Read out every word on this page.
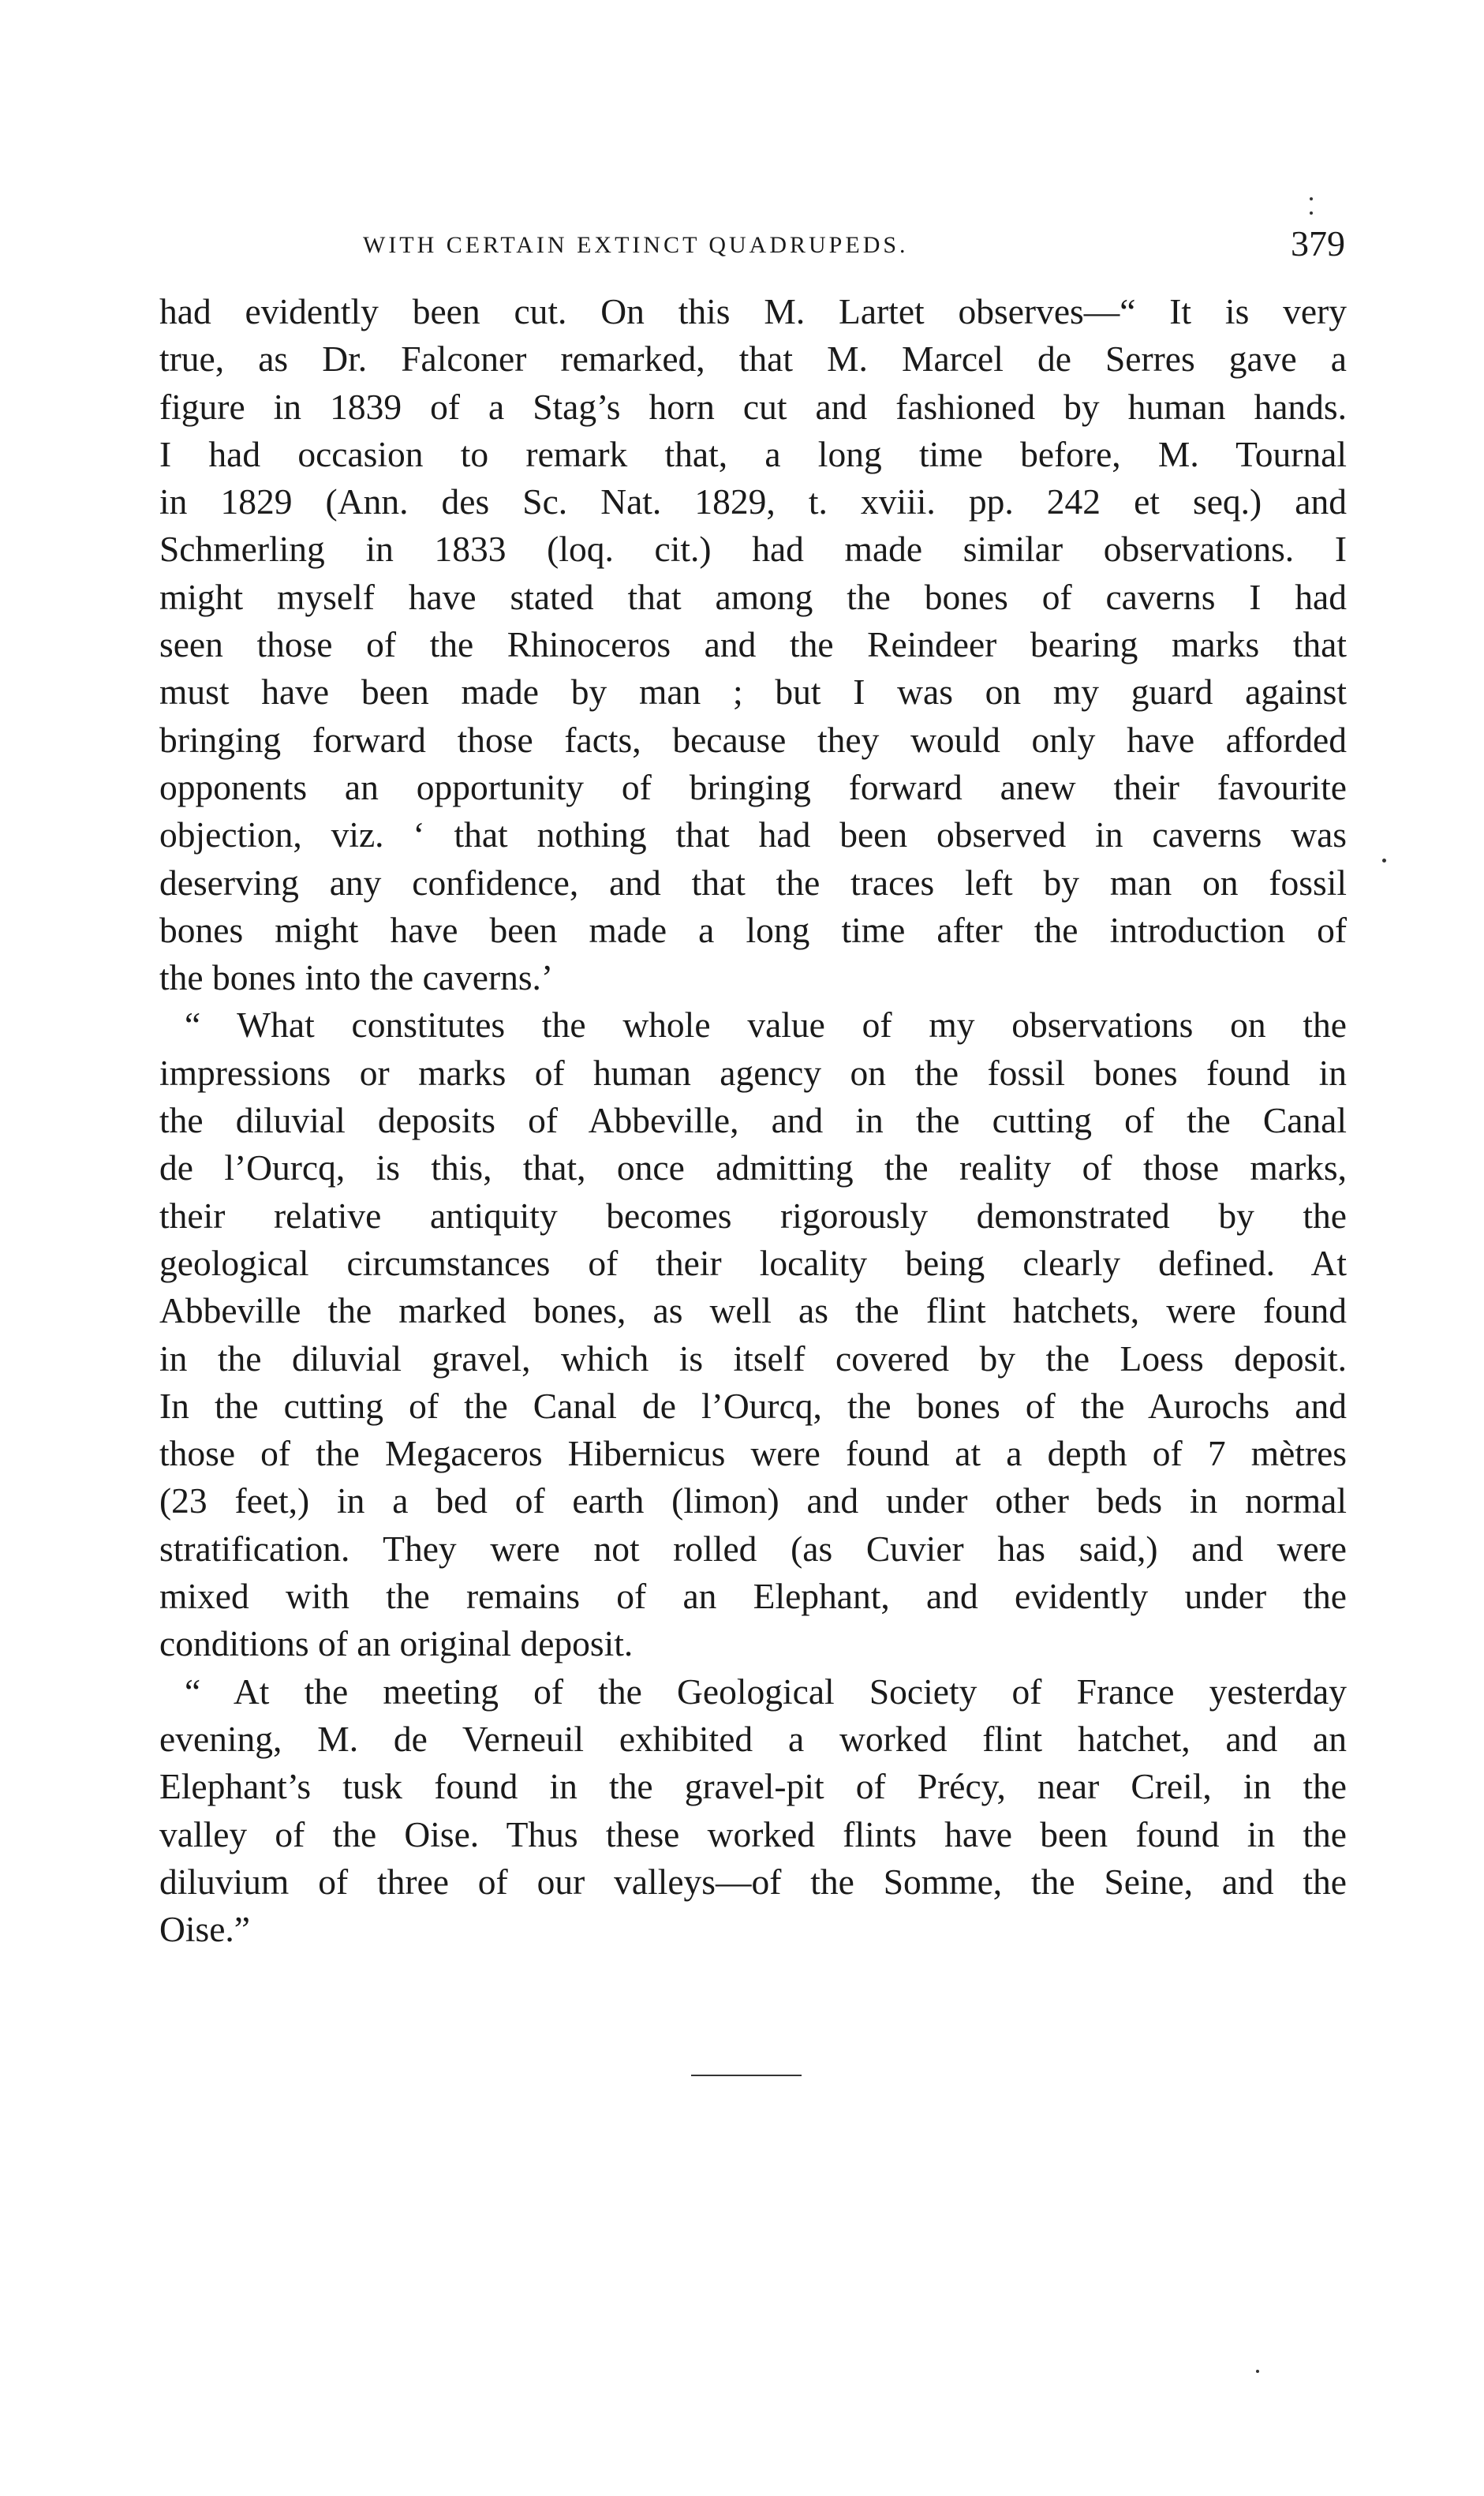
WITH CERTAIN EXTINCT QUADRUPEDS.	379
had evidently been cut. On this M. Lartet observes—“ It is very
true, as Dr. Falconer remarked, that M. Marcel de Serres gave a
figure in 1839 of a Stag’s horn cut and fashioned by human hands.
I had occasion to remark that, a long time before, M. Tournal
in 1829 (Ann. des Sc. Nat. 1829, t. xviii. pp. 242 et seq.) and
Schmerling in 1833 (loq. cit.) had made similar observations. I
might myself have stated that among the bones of caverns I had
seen those of the Rhinoceros and the Reindeer bearing marks that
must have been made by man ; but I was on my guard against
bringing forward those facts, because they would only have afforded
opponents an opportunity of bringing forward anew their favourite
objection, viz. ‘ that nothing that had been observed in caverns was
deserving any confidence, and that the traces left by man on fossil
bones might have been made a long time after the introduction of
the bones into the caverns.’
“ What constitutes the whole value of my observations on the
impressions or marks of human agency on the fossil bones found in
the diluvial deposits of Abbeville, and in the cutting of the Canal
de l’Ourcq, is this, that, once admitting the reality of those marks,
their relative antiquity becomes rigorously demonstrated by the
geological circumstances of their locality being clearly defined. At
Abbeville the marked bones, as well as the flint hatchets, were found
in the diluvial gravel, which is itself covered by the Loess deposit.
In the cutting of the Canal de l’Ourcq, the bones of the Aurochs and
those of the Megaceros Hibernicus were found at a depth of 7 mètres
(23 feet,) in a bed of earth (limon) and under other beds in normal
stratification. They were not rolled (as Cuvier has said,) and were
mixed with the remains of an Elephant, and evidently under the
conditions of an original deposit.
“ At the meeting of the Geological Society of France yesterday
evening, M. de Verneuil exhibited a worked flint hatchet, and an
Elephant’s tusk found in the gravel-pit of Précy, near Creil, in the
valley of the Oise. Thus these worked flints have been found in the
diluvium of three of our valleys—of the Somme, the Seine, and the
Oise.”
